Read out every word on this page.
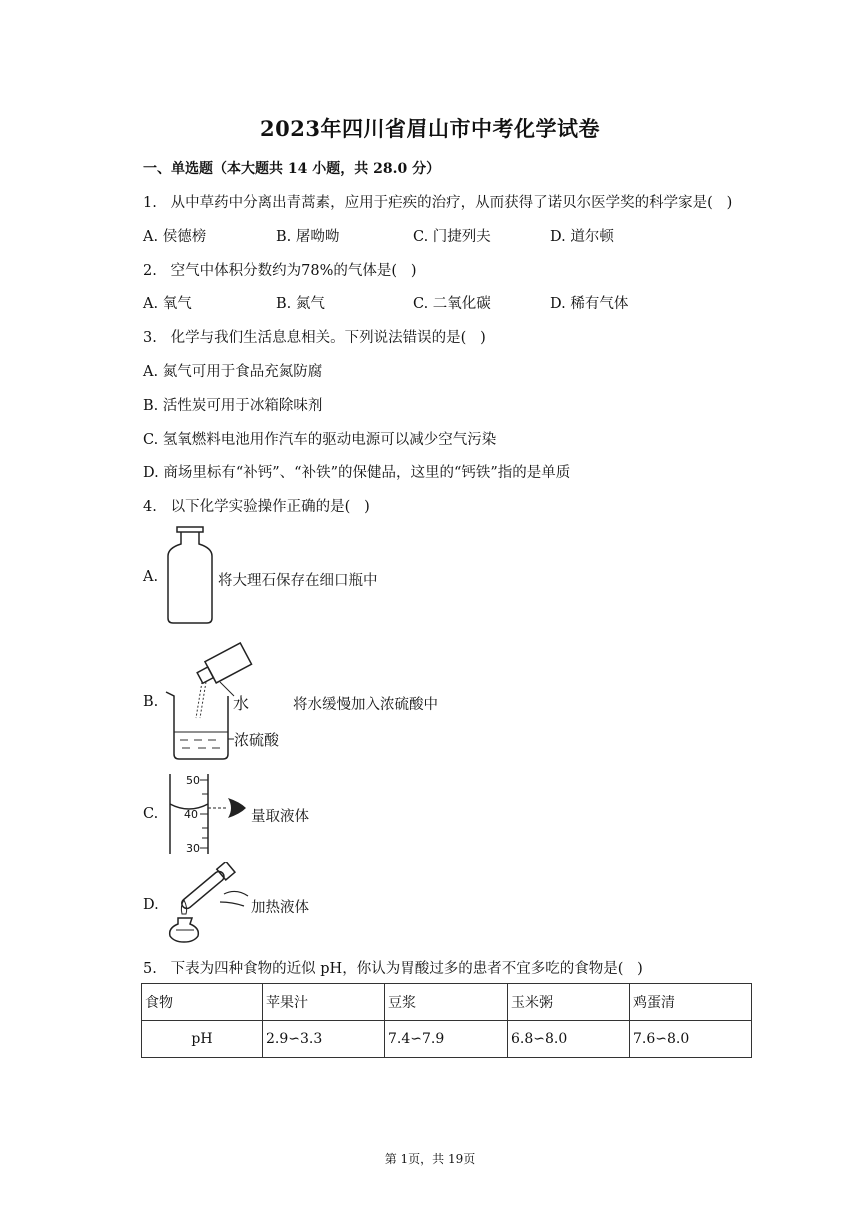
2023年四川省眉山市中考化学试卷
一、单选题（本大题共 14 小题，共 28.0 分）
1.   从中草药中分离出青蒿素，应用于疟疾的治疗，从而获得了诺贝尔医学奖的科学家是(   )
A. 侯德榜	B. 屠呦呦	C. 门捷列夫	D. 道尔顿
2.   空气中体积分数约为78%的气体是(   )
A. 氧气	B. 氮气	C. 二氧化碳	D. 稀有气体
3.   化学与我们生活息息相关。下列说法错误的是(   )
A. 氮气可用于食品充氮防腐
B. 活性炭可用于冰箱除味剂
C. 氢氧燃料电池用作汽车的驱动电源可以减少空气污染
D. 商场里标有“补钙”、“补铁”的保健品，这里的“钙铁”指的是单质
4.   以下化学实验操作正确的是(   )
A.	将大理石保存在细口瓶中
B.	水
浓硫酸
将水缓慢加入浓硫酸中
C.
50
40
30
量取液体
D.	加热液体
5.   下表为四种食物的近似 pH，你认为胃酸过多的患者不宜多吃的食物是(   )
食物	苹果汁	豆浆	玉米粥	鸡蛋清
pH	2.9∽3.3	7.4∽7.9	6.8∽8.0	7.6∽8.0
第 1页，共 19页
